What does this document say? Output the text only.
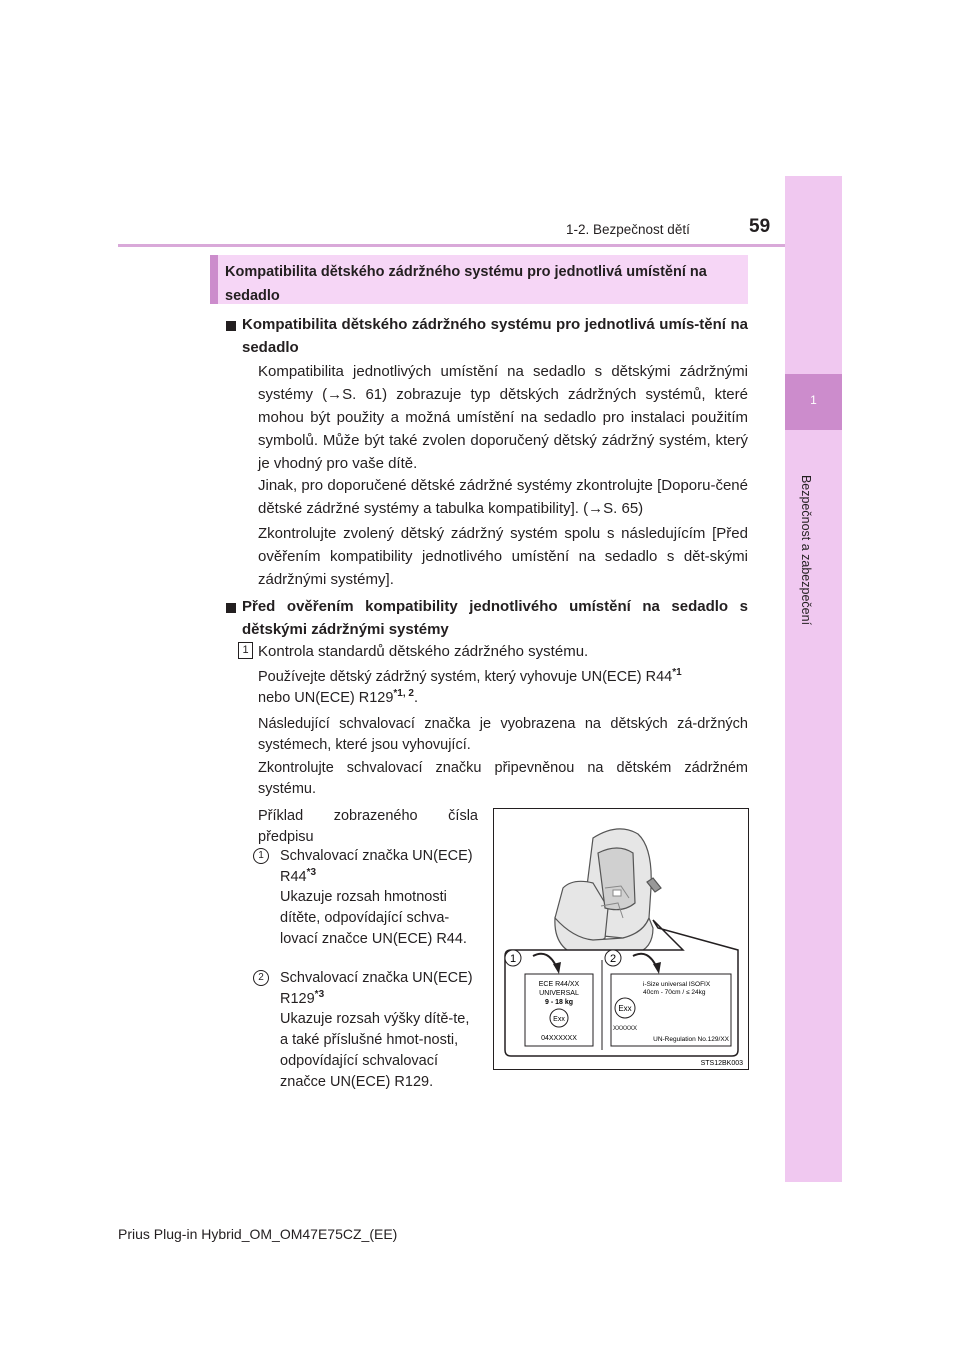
1-2. Bezpečnost dětí	59
1
Bezpečnost a zabezpečení
Kompatibilita dětského zádržného systému pro jednotlivá umístění na sedadlo
Kompatibilita dětského zádržného systému pro jednotlivá umís-tění na sedadlo
Kompatibilita jednotlivých umístění na sedadlo s dětskými zádržnými systémy (→S. 61) zobrazuje typ dětských zádržných systémů, které mohou být použity a možná umístění na sedadlo pro instalaci použitím symbolů. Může být také zvolen doporučený dětský zádržný systém, který je vhodný pro vaše dítě.
Jinak, pro doporučené dětské zádržné systémy zkontrolujte [Doporu-čené dětské zádržné systémy a tabulka kompatibility]. (→S. 65)
Zkontrolujte zvolený dětský zádržný systém spolu s následujícím [Před ověřením kompatibility jednotlivého umístění na sedadlo s dět-skými zádržnými systémy].
Před ověřením kompatibility jednotlivého umístění na sedadlo s dětskými zádržnými systémy
1 Kontrola standardů dětského zádržného systému.
Používejte dětský zádržný systém, který vyhovuje UN(ECE) R44$^{*1}$
nebo UN(ECE) R129$^{*1, 2}$.
Následující schvalovací značka je vyobrazena na dětských zá-držných systémech, které jsou vyhovující.
Zkontrolujte schvalovací značku připevněnou na dětském zádržném systému.
Příklad zobrazeného čísla předpisu
1	Schvalovací značka UN(ECE) R44$^{*3}$
Ukazuje rozsah hmotnosti dítěte, odpovídající schva-lovací značce UN(ECE) R44.
2	Schvalovací značka UN(ECE) R129$^{*3}$
Ukazuje rozsah výšky dítě-te, a také příslušné hmot-nosti, odpovídající schvalovací značce UN(ECE) R129.
1	2
ECE R44/XX
UNIVERSAL
9 - 18 kg
Exx
04XXXXXX
i-Size universal ISOFIX
40cm - 70cm / ≤ 24kg
Exx
XXXXXX
UN-Regulation No.129/XX
STS12BK003
Prius Plug-in Hybrid_OM_OM47E75CZ_(EE)
